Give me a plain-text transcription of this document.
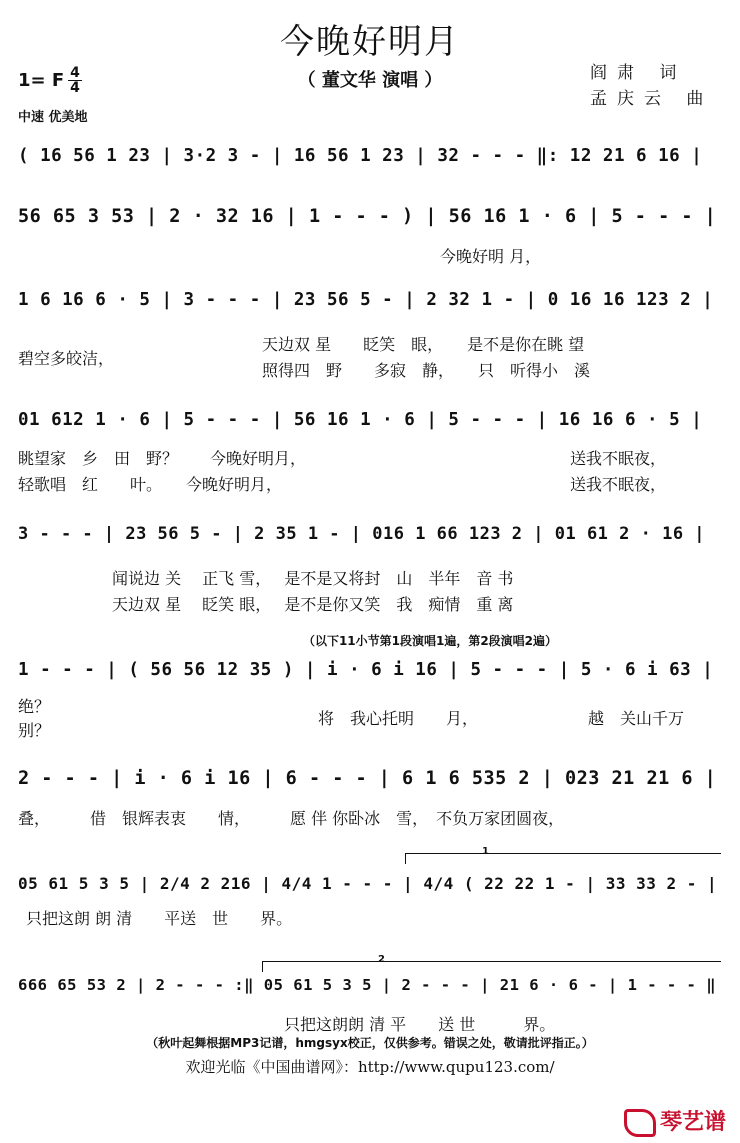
今晚好明月
（ 董文华 演唱 ）	阎肃 词
孟庆云 曲
1= F $\frac{4}{4}$
中速 优美地
( 16 56 1 23 | 3·2 3 - | 16 56 1 23 | 32 - - - ‖: 12 21 6 16 |
56 65 3 53 | 2 · 32 16 | 1 - - - ) | 56 16 1 · 6 | 5 - - - |
今晚好明 月，
1 6 16 6 · 5 | 3 - - - | 23 56 5 - | 2 32 1 - | 0 16 16 123 2 |
碧空多皎洁，
天边双 星　　眨笑　眼，　　是不是你在眺 望
照得四　野　　多寂　静，　　只　听得小　溪
01 612 1 · 6 | 5 - - - | 56 16 1 · 6 | 5 - - - | 16 16 6 · 5 |
眺望家　乡　田　野？　　今晚好明月，	送我不眠夜，
轻歌唱　红　　叶。　　今晚好明月，	送我不眠夜，
3 - - - | 23 56 5 - | 2 35 1 - | 016 1 66 123 2 | 01 61 2 · 16 |
闻说边 关　 正飞 雪，　 是不是又将封　山　半年　音 书
天边双 星　 眨笑 眼，　 是不是你又笑　我　痴情　重 离
（以下11小节第1段演唱1遍，第2段演唱2遍）
1 - - - | ( 56 56 12 35 ) | i · 6 i 16 | 5 - - - | 5 · 6 i 63 |
绝？
别？
将　我心托明　　月，	越　关山千万
2 - - - | i · 6 i 16 | 6 - - - | 6 1 6 535 2 | 023 21 21 6 |
叠，　　　借　银辉表衷　　情，　　　愿 伴 你卧冰　雪，　不负万家团圆夜，
1
05 61 5 3 5 | 2/4 2 216 | 4/4 1 - - - | 4/4 ( 22 22 1 - | 33 33 2 - |
只把这朗 朗 清　　平送　世　　界。
2
666 65 53 2 | 2 - - - :‖ 05 61 5 3 5 | 2 - - - | 21 6 · 6 - | 1 - - - ‖
只把这朗朗 清 平　　送 世　　　界。
（秋叶起舞根据MP3记谱，hmgsyx校正，仅供参考。错误之处，敬请批评指正。）
欢迎光临《中国曲谱网》：http://www.qupu123.com/
琴艺谱
